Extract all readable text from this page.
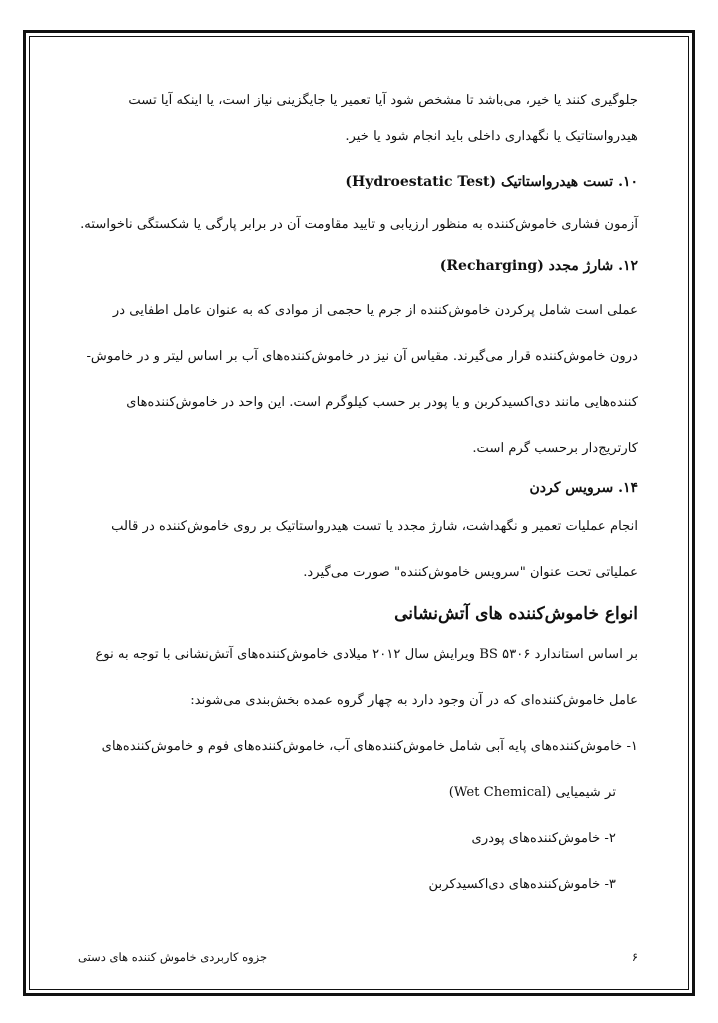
جلوگیری کنند یا خیر، می‌باشد تا مشخص شود آیا تعمیر یا جایگزینی نیاز است، یا اینکه آیا تست

هیدرواستاتیک یا نگهداری داخلی باید انجام شود یا خیر.

۱۰. تست هیدرواستاتیک (Hydroestatic Test)

آزمون فشاری خاموش‌کننده به منظور ارزیابی و تایید مقاومت آن در برابر پارگی یا شکستگی ناخواسته.

۱۲. شارژ مجدد (Recharging)

عملی است شامل پرکردن خاموش‌کننده از جرم یا حجمی از موادی که به عنوان عامل اطفایی در

درون خاموش‌کننده قرار می‌گیرند. مقیاس آن نیز در خاموش‌کننده‌های آب بر اساس لیتر و در خاموش-

کننده‌هایی مانند دی‌اکسیدکربن و یا پودر بر حسب کیلوگرم است. این واحد در خاموش‌کننده‌های

کارتریج‌دار برحسب گرم است.

۱۴. سرویس کردن

انجام عملیات تعمیر و نگهداشت، شارژ مجدد یا تست هیدرواستاتیک بر روی خاموش‌کننده در قالب

عملیاتی تحت عنوان "سرویس خاموش‌کننده" صورت می‌گیرد.

انواع خاموش‌کننده های آتش‌نشانی

بر اساس استاندارد BS ۵۳۰۶ ویرایش سال ۲۰۱۲ میلادی خاموش‌کننده‌های آتش‌نشانی با توجه به نوع

عامل خاموش‌کننده‌ای که در آن وجود دارد به چهار گروه عمده بخش‌بندی می‌شوند:

۱- خاموش‌کننده‌های پایه آبی شامل خاموش‌کننده‌های آب، خاموش‌کننده‌های فوم و خاموش‌کننده‌های

تر شیمیایی (Wet Chemical)

۲- خاموش‌کننده‌های پودری

۳- خاموش‌کننده‌های دی‌اکسیدکربن

۶
جزوه کاربردی خاموش کننده های دستی
